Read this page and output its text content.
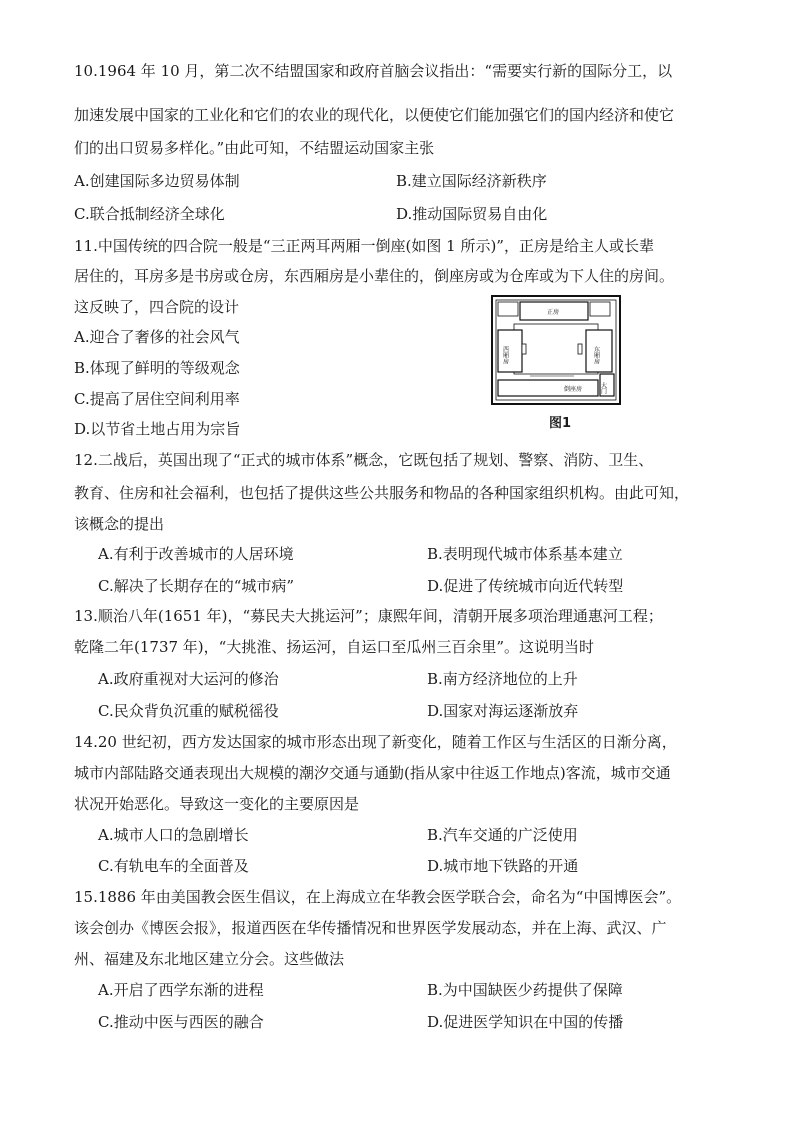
10.1964 年 10 月，第二次不结盟国家和政府首脑会议指出：“需要实行新的国际分工，以
加速发展中国家的工业化和它们的农业的现代化，以便使它们能加强它们的国内经济和使它
们的出口贸易多样化。”由此可知，不结盟运动国家主张
A.创建国际多边贸易体制	B.建立国际经济新秩序
C.联合抵制经济全球化	D.推动国际贸易自由化
11.中国传统的四合院一般是“三正两耳两厢一倒座(如图 1 所示)”，正房是给主人或长辈
居住的，耳房多是书房或仓房，东西厢房是小辈住的，倒座房或为仓库或为下人住的房间。
这反映了，四合院的设计
A.迎合了奢侈的社会风气
B.体现了鲜明的等级观念
C.提高了居住空间利用率
D.以节省土地占用为宗旨
正房
西厢房	东厢房
倒座房	大门
图1
12.二战后，英国出现了“正式的城市体系”概念，它既包括了规划、警察、消防、卫生、
教育、住房和社会福利，也包括了提供这些公共服务和物品的各种国家组织机构。由此可知，
该概念的提出
A.有利于改善城市的人居环境	B.表明现代城市体系基本建立
C.解决了长期存在的“城市病”	D.促进了传统城市向近代转型
13.顺治八年(1651 年)，“募民夫大挑运河”；康熙年间，清朝开展多项治理通惠河工程；
乾隆二年(1737 年)，“大挑淮、扬运河，自运口至瓜州三百余里”。这说明当时
A.政府重视对大运河的修治	B.南方经济地位的上升
C.民众背负沉重的赋税徭役	D.国家对海运逐渐放弃
14.20 世纪初，西方发达国家的城市形态出现了新变化，随着工作区与生活区的日渐分离，
城市内部陆路交通表现出大规模的潮汐交通与通勤(指从家中往返工作地点)客流，城市交通
状况开始恶化。导致这一变化的主要原因是
A.城市人口的急剧增长	B.汽车交通的广泛使用
C.有轨电车的全面普及	D.城市地下铁路的开通
15.1886 年由美国教会医生倡议，在上海成立在华教会医学联合会，命名为“中国博医会”。
该会创办《博医会报》，报道西医在华传播情况和世界医学发展动态，并在上海、武汉、广
州、福建及东北地区建立分会。这些做法
A.开启了西学东渐的进程	B.为中国缺医少药提供了保障
C.推动中医与西医的融合	D.促进医学知识在中国的传播
